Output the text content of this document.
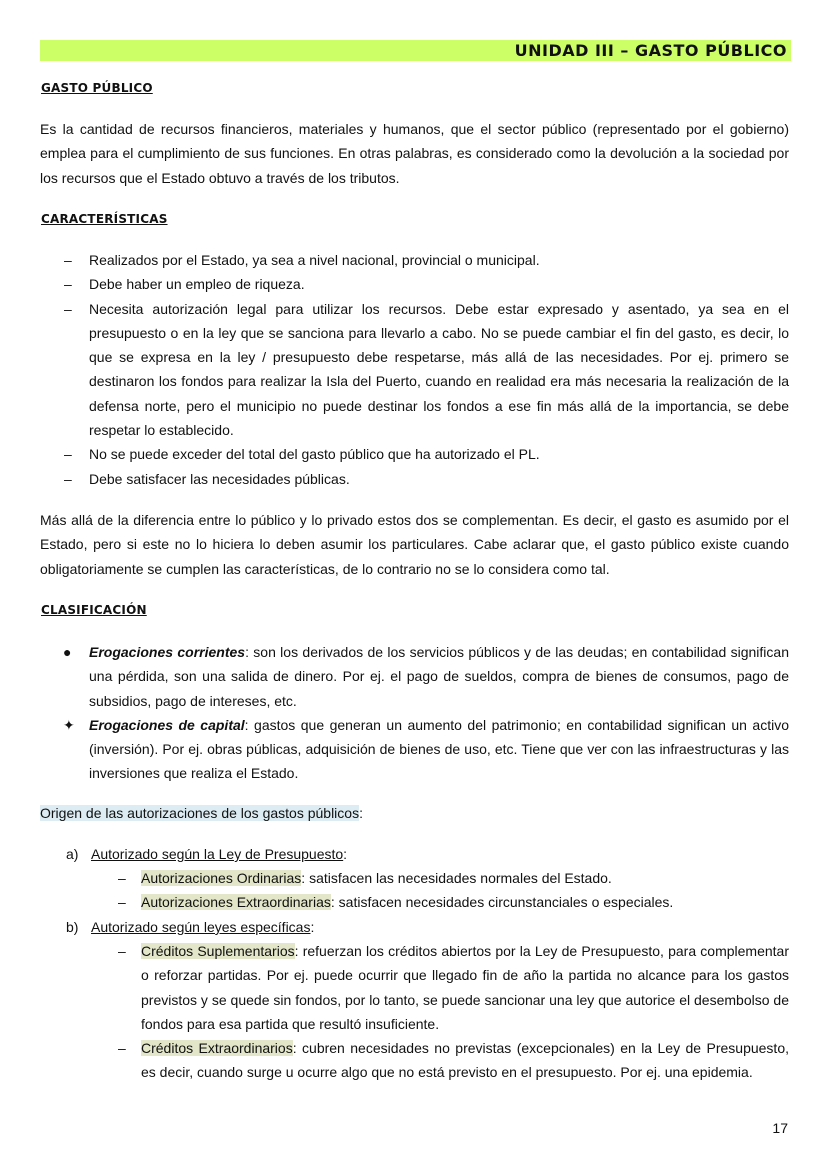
UNIDAD III – GASTO PÚBLICO
GASTO PÚBLICO
Es la cantidad de recursos financieros, materiales y humanos, que el sector público (representado por el gobierno) emplea para el cumplimiento de sus funciones. En otras palabras, es considerado como la devolución a la sociedad por los recursos que el Estado obtuvo a través de los tributos.
CARACTERÍSTICAS
– Realizados por el Estado, ya sea a nivel nacional, provincial o municipal.
– Debe haber un empleo de riqueza.
– Necesita autorización legal para utilizar los recursos. Debe estar expresado y asentado, ya sea en el presupuesto o en la ley que se sanciona para llevarlo a cabo. No se puede cambiar el fin del gasto, es decir, lo que se expresa en la ley / presupuesto debe respetarse, más allá de las necesidades. Por ej. primero se destinaron los fondos para realizar la Isla del Puerto, cuando en realidad era más necesaria la realización de la defensa norte, pero el municipio no puede destinar los fondos a ese fin más allá de la importancia, se debe respetar lo establecido.
– No se puede exceder del total del gasto público que ha autorizado el PL.
– Debe satisfacer las necesidades públicas.
Más allá de la diferencia entre lo público y lo privado estos dos se complementan. Es decir, el gasto es asumido por el Estado, pero si este no lo hiciera lo deben asumir los particulares. Cabe aclarar que, el gasto público existe cuando obligatoriamente se cumplen las características, de lo contrario no se lo considera como tal.
CLASIFICACIÓN
● Erogaciones corrientes: son los derivados de los servicios públicos y de las deudas; en contabilidad significan una pérdida, son una salida de dinero. Por ej. el pago de sueldos, compra de bienes de consumos, pago de subsidios, pago de intereses, etc.
✦ Erogaciones de capital: gastos que generan un aumento del patrimonio; en contabilidad significan un activo (inversión). Por ej. obras públicas, adquisición de bienes de uso, etc. Tiene que ver con las infraestructuras y las inversiones que realiza el Estado.
Origen de las autorizaciones de los gastos públicos:
a) Autorizado según la Ley de Presupuesto:
– Autorizaciones Ordinarias: satisfacen las necesidades normales del Estado.
– Autorizaciones Extraordinarias: satisfacen necesidades circunstanciales o especiales.
b) Autorizado según leyes específicas:
– Créditos Suplementarios: refuerzan los créditos abiertos por la Ley de Presupuesto, para complementar o reforzar partidas. Por ej. puede ocurrir que llegado fin de año la partida no alcance para los gastos previstos y se quede sin fondos, por lo tanto, se puede sancionar una ley que autorice el desembolso de fondos para esa partida que resultó insuficiente.
– Créditos Extraordinarios: cubren necesidades no previstas (excepcionales) en la Ley de Presupuesto, es decir, cuando surge u ocurre algo que no está previsto en el presupuesto. Por ej. una epidemia.
17
